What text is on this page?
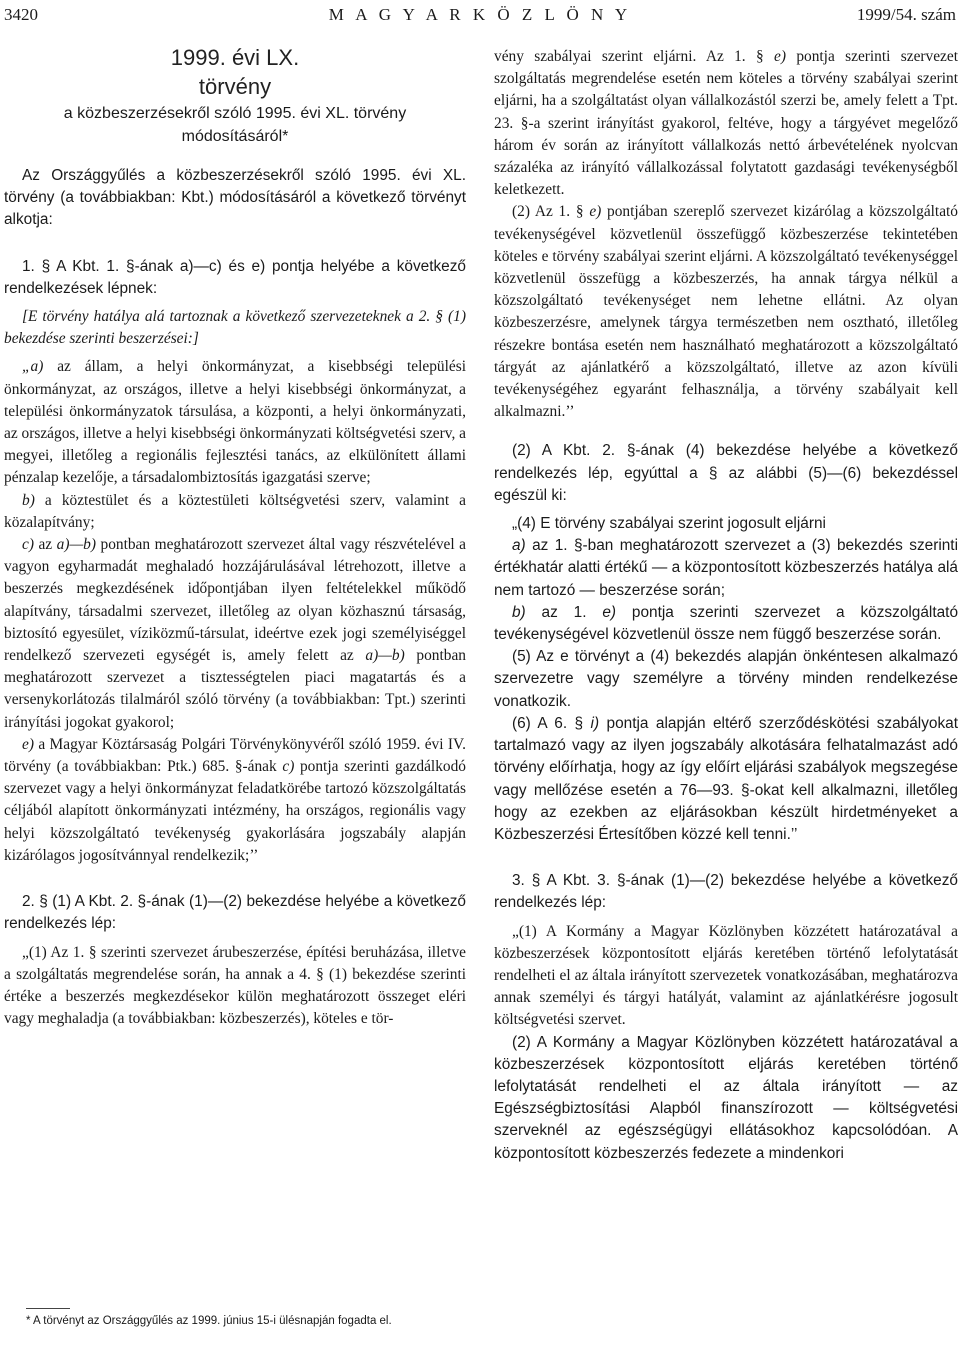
3420	M A G Y A R K Ö Z L Ö N Y	1999/54. szám
1999. évi LX.
törvény
a közbeszerzésekről szóló 1995. évi XL. törvény
módosításáról*

Az Országgyűlés a közbeszerzésekről szóló 1995. évi XL. törvény (a továbbiakban: Kbt.) módosításáról a következő törvényt alkotja:

1. § A Kbt. 1. §-ának a)—c) és e) pontja helyébe a következő rendelkezések lépnek:

[E törvény hatálya alá tartoznak a következő szervezeteknek a 2. § (1) bekezdése szerinti beszerzései:]

„a) az állam, a helyi önkormányzat, a kisebbségi települési önkormányzat, az országos, illetve a helyi kisebbségi önkormányzat, a települési önkormányzatok társulása, a központi, a helyi önkormányzati, az országos, illetve a helyi kisebbségi önkormányzati költségvetési szerv, a megyei, illetőleg a regionális fejlesztési tanács, az elkülönített állami pénzalap kezelője, a társadalombiztosítás igazgatási szerve;

b) a köztestület és a köztestületi költségvetési szerv, valamint a közalapítvány;

c) az a)—b) pontban meghatározott szervezet által vagy részvételével a vagyon egyharmadát meghaladó hozzájárulásával létrehozott, illetve a beszerzés megkezdésének időpontjában ilyen feltételekkel működő alapítvány, társadalmi szervezet, illetőleg az olyan közhasznú társaság, biztosító egyesület, víziközmű-társulat, ideértve ezek jogi személyiséggel rendelkező szervezeti egységét is, amely felett az a)—b) pontban meghatározott szervezet a tisztességtelen piaci magatartás és a versenykorlátozás tilalmáról szóló törvény (a továbbiakban: Tpt.) szerinti irányítási jogokat gyakorol;

e) a Magyar Köztársaság Polgári Törvénykönyvéről szóló 1959. évi IV. törvény (a továbbiakban: Ptk.) 685. §-ának c) pontja szerinti gazdálkodó szervezet vagy a helyi önkormányzat feladatkörébe tartozó közszolgáltatás céljából alapított önkormányzati intézmény, ha országos, regionális vagy helyi közszolgáltató tevékenység gyakorlására jogszabály alapján kizárólagos jogosítvánnyal rendelkezik;’’

2. § (1) A Kbt. 2. §-ának (1)—(2) bekezdése helyébe a következő rendelkezés lép:

„(1) Az 1. § szerinti szervezet árubeszerzése, építési beruházása, illetve a szolgáltatás megrendelése során, ha annak a 4. § (1) bekezdése szerinti értéke a beszerzés megkezdésekor külön meghatározott összeget eléri vagy meghaladja (a továbbiakban: közbeszerzés), köteles e tör-

* A törvényt az Országgyűlés az 1999. június 15-i ülésnapján fogadta el.

vény szabályai szerint eljárni. Az 1. § e) pontja szerinti szervezet szolgáltatás megrendelése esetén nem köteles a törvény szabályai szerint eljárni, ha a szolgáltatást olyan vállalkozástól szerzi be, amely felett a Tpt. 23. §-a szerint irányítást gyakorol, feltéve, hogy a tárgyévet megelőző három év során az irányított vállalkozás nettó árbevételének nyolcvan százaléka az irányító vállalkozással folytatott gazdasági tevékenységből keletkezett.

(2) Az 1. § e) pontjában szereplő szervezet kizárólag a közszolgáltató tevékenységével közvetlenül összefüggő közbeszerzése tekintetében köteles e törvény szabályai szerint eljárni. A közszolgáltató tevékenységgel közvetlenül összefügg a közbeszerzés, ha annak tárgya nélkül a közszolgáltató tevékenységet nem lehetne ellátni. Az olyan közbeszerzésre, amelynek tárgya természetben nem osztható, illetőleg részekre bontása esetén nem használható meghatározott a közszolgáltató tárgyát az ajánlatkérő a közszolgáltató, illetve az azon kívüli tevékenységéhez egyaránt felhasználja, a törvény szabályait kell alkalmazni.’’

(2) A Kbt. 2. §-ának (4) bekezdése helyébe a következő rendelkezés lép, egyúttal a § az alábbi (5)—(6) bekezdéssel egészül ki:

„(4) E törvény szabályai szerint jogosult eljárni

a) az 1. §-ban meghatározott szervezet a (3) bekezdés szerinti értékhatár alatti értékű — a központosított közbeszerzés hatálya alá nem tartozó — beszerzése során;

b) az 1. e) pontja szerinti szervezet a közszolgáltató tevékenységével közvetlenül össze nem függő beszerzése során.

(5) Az e törvényt a (4) bekezdés alapján önkéntesen alkalmazó szervezetre vagy személyre a törvény minden rendelkezése vonatkozik.

(6) A 6. § i) pontja alapján eltérő szerződéskötési szabályokat tartalmazó vagy az ilyen jogszabály alkotására felhatalmazást adó törvény előírhatja, hogy az így előírt eljárási szabályok megszegése vagy mellőzése esetén a 76—93. §-okat kell alkalmazni, illetőleg hogy az ezekben az eljárásokban készült hirdetményeket a Közbeszerzési Értesítőben közzé kell tenni.’’

3. § A Kbt. 3. §-ának (1)—(2) bekezdése helyébe a következő rendelkezés lép:

„(1) A Kormány a Magyar Közlönyben közzétett határozatával a közbeszerzések központosított eljárás keretében történő lefolytatását rendelheti el az általa irányított szervezetek vonatkozásában, meghatározva annak személyi és tárgyi hatályát, valamint az ajánlatkérésre jogosult költségvetési szervet.

(2) A Kormány a Magyar Közlönyben közzétett határozatával a közbeszerzések központosított eljárás keretében történő lefolytatását rendelheti el az általa irányított — az Egészségbiztosítási Alapból finanszírozott — költségvetési szerveknél az egészségügyi ellátásokhoz kapcsolódóan. A központosított közbeszerzés fedezete a mindenkori
